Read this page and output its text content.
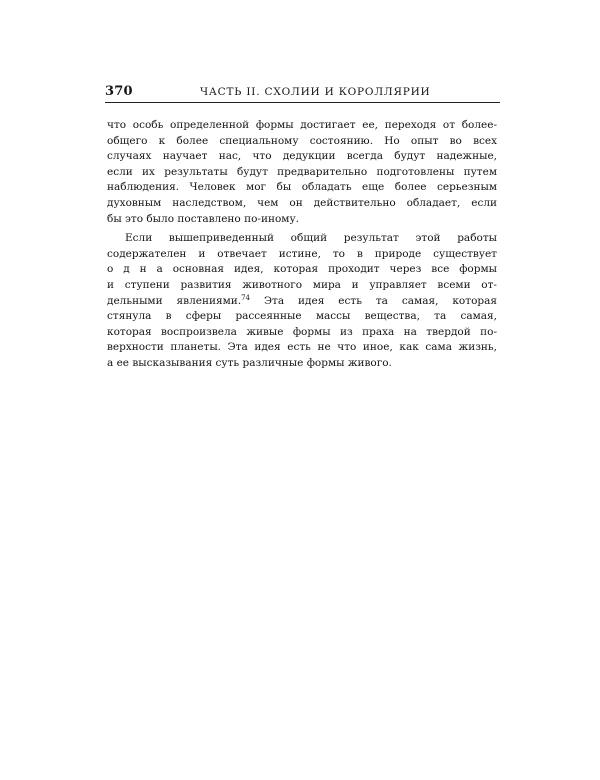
370	ЧАСТЬ II. СХОЛИИ И КОРОЛЛЯРИИ
что особь определенной формы достигает ее, переходя от более-
общего к более специальному состоянию. Но опыт во всех
случаях научает нас, что дедукции всегда будут надежные,
если их результаты будут предварительно подготовлены путем
наблюдения. Человек мог бы обладать еще более серьезным
духовным наследством, чем он действительно обладает, если
бы это было поставлено по-иному.
Если вышеприведенный общий результат этой работы
содержателен и отвечает истине, то в природе существует
о д н а основная идея, которая проходит через все формы
и ступени развития животного мира и управляет всеми от-
дельными явлениями.$^{74}$ Эта идея есть та самая, которая
стянула в сферы рассеянные массы вещества, та самая,
которая воспроизвела живые формы из праха на твердой по-
верхности планеты. Эта идея есть не что иное, как сама жизнь,
а ее высказывания суть различные формы живого.
